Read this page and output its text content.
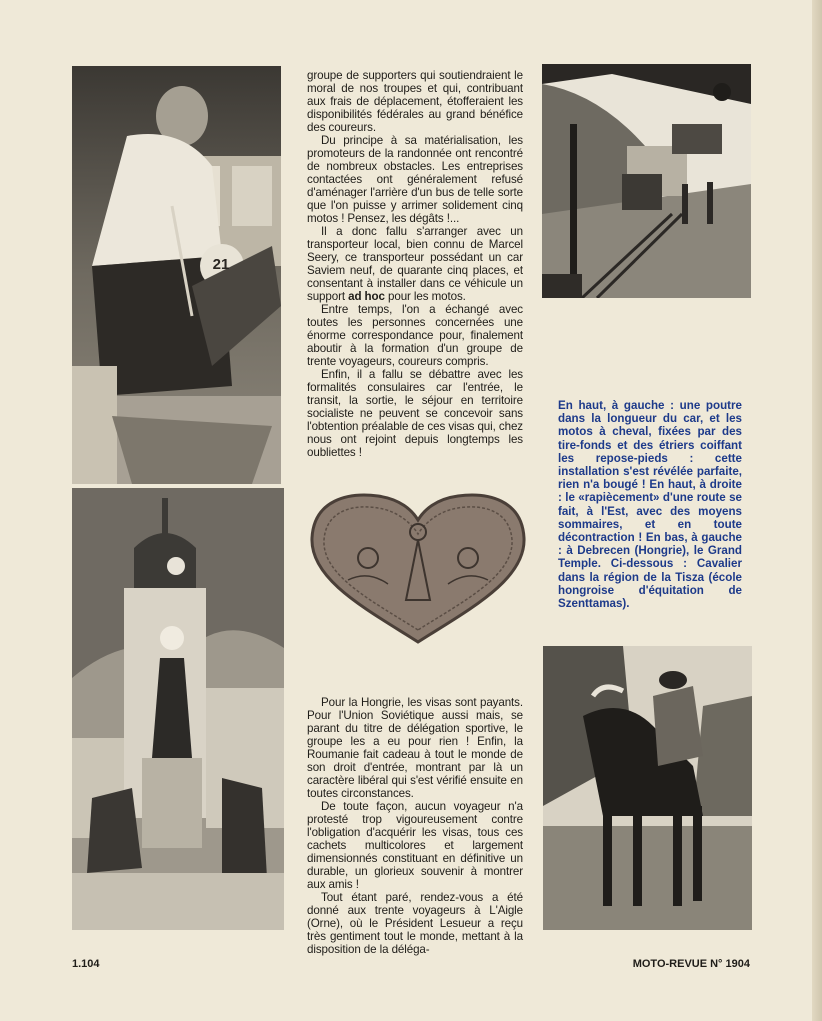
21

groupe de supporters qui soutiendraient le moral de nos troupes et qui, contribuant aux frais de déplacement, étofferaient les disponibilités fédérales au grand bénéfice des coureurs.

Du principe à sa matérialisation, les promoteurs de la randonnée ont rencontré de nombreux obstacles. Les entreprises contactées ont généralement refusé d'aménager l'arrière d'un bus de telle sorte que l'on puisse y arrimer solidement cinq motos ! Pensez, les dégâts !...

Il a donc fallu s'arranger avec un transporteur local, bien connu de Marcel Seery, ce transporteur possédant un car Saviem neuf, de quarante cinq places, et consentant à installer dans ce véhicule un support ad hoc pour les motos.

Entre temps, l'on a échangé avec toutes les personnes concernées une énorme correspondance pour, finalement aboutir à la formation d'un groupe de trente voyageurs, coureurs compris.

Enfin, il a fallu se débattre avec les formalités consulaires car l'entrée, le transit, la sortie, le séjour en territoire socialiste ne peuvent se concevoir sans l'obtention préalable de ces visas qui, chez nous ont rejoint depuis longtemps les oubliettes !

Pour la Hongrie, les visas sont payants. Pour l'Union Soviétique aussi mais, se parant du titre de délégation sportive, le groupe les a eu pour rien ! Enfin, la Roumanie fait cadeau à tout le monde de son droit d'entrée, montrant par là un caractère libéral qui s'est vérifié ensuite en toutes circonstances.

De toute façon, aucun voyageur n'a protesté trop vigoureusement contre l'obligation d'acquérir les visas, tous ces cachets multicolores et largement dimensionnés constituant en définitive un durable, un glorieux souvenir à montrer aux amis !

Tout étant paré, rendez-vous a été donné aux trente voyageurs à L'Aigle (Orne), où le Président Lesueur a reçu très gentiment tout le monde, mettant à la disposition de la déléga-

En haut, à gauche : une poutre dans la longueur du car, et les motos à cheval, fixées par des tire-fonds et des étriers coiffant les repose-pieds : cette installation s'est révélée parfaite, rien n'a bougé ! En haut, à droite : le «rapiècement» d'une route se fait, à l'Est, avec des moyens sommaires, et en toute décontraction ! En bas, à gauche : à Debrecen (Hongrie), le Grand Temple. Ci-dessous : Cavalier dans la région de la Tisza (école hongroise d'équitation de Szenttamas).
1.104	MOTO-REVUE N° 1904
